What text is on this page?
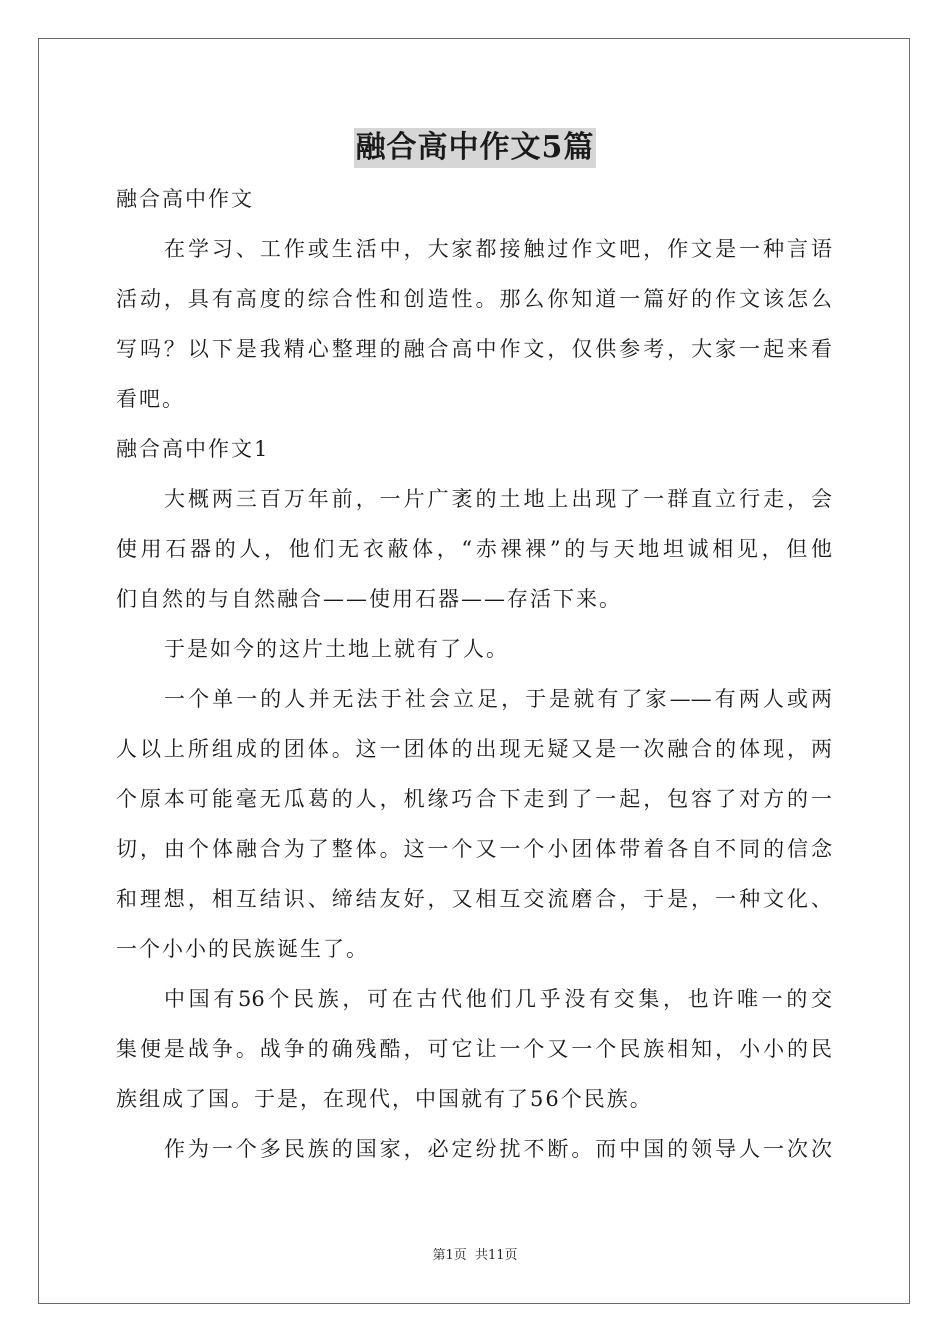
融合高中作文5篇
融合高中作文
在学习、工作或生活中，大家都接触过作文吧，作文是一种言语
活动，具有高度的综合性和创造性。那么你知道一篇好的作文该怎么
写吗？以下是我精心整理的融合高中作文，仅供参考，大家一起来看
看吧。
融合高中作文1
大概两三百万年前，一片广袤的土地上出现了一群直立行走，会
使用石器的人，他们无衣蔽体，“赤裸裸”的与天地坦诚相见，但他
们自然的与自然融合——使用石器——存活下来。
于是如今的这片土地上就有了人。
一个单一的人并无法于社会立足，于是就有了家——有两人或两
人以上所组成的团体。这一团体的出现无疑又是一次融合的体现，两
个原本可能毫无瓜葛的人，机缘巧合下走到了一起，包容了对方的一
切，由个体融合为了整体。这一个又一个小团体带着各自不同的信念
和理想，相互结识、缔结友好，又相互交流磨合，于是，一种文化、
一个小小的民族诞生了。
中国有56个民族，可在古代他们几乎没有交集，也许唯一的交
集便是战争。战争的确残酷，可它让一个又一个民族相知，小小的民
族组成了国。于是，在现代，中国就有了56个民族。
作为一个多民族的国家，必定纷扰不断。而中国的领导人一次次
第1页 共11页
